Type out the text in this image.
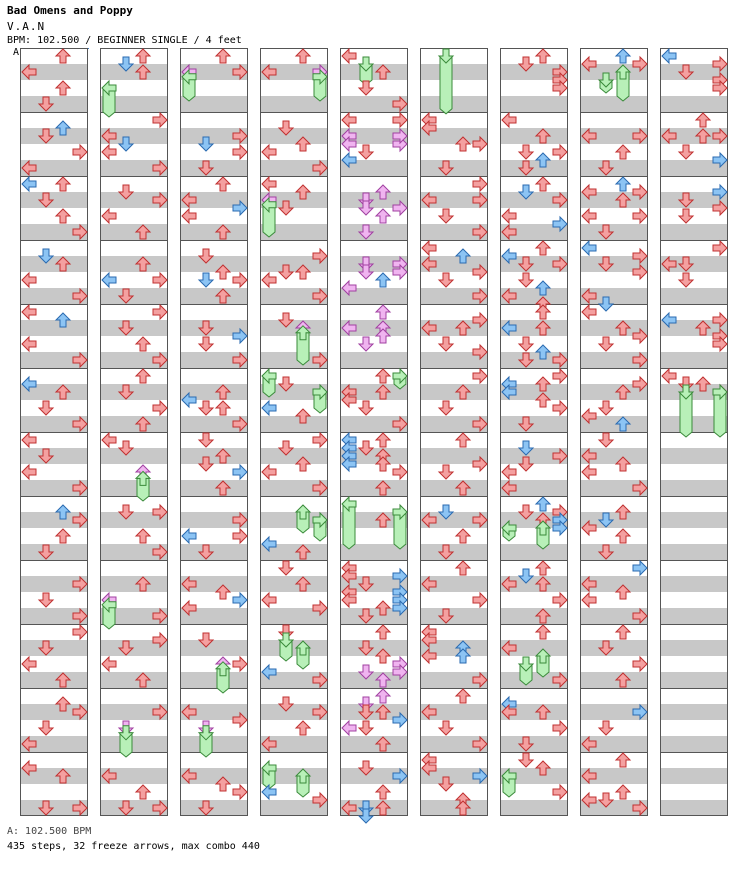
Bad Omens and Poppy
V.A.N
BPM: 102.500 / BEGINNER SINGLE / 4 feet
A
A: 102.500 BPM
435 steps, 32 freeze arrows, max combo 440
